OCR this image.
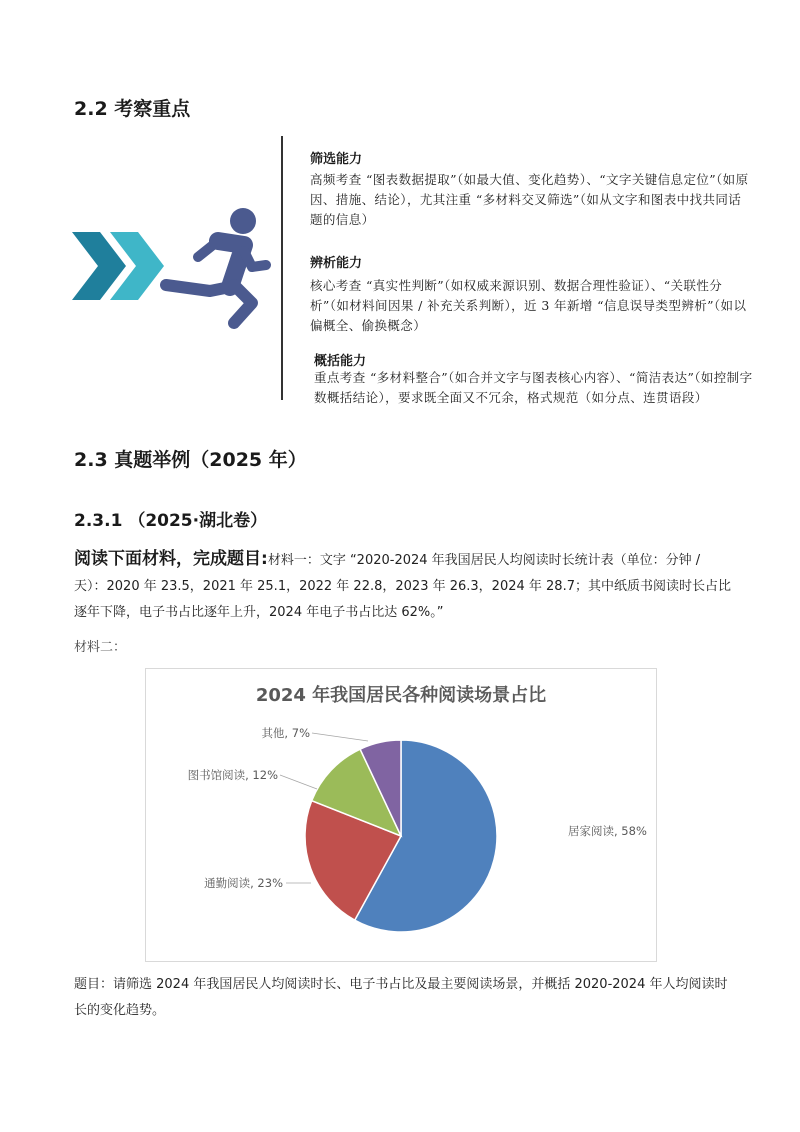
2.2 考察重点
筛选能力
高频考查 “图表数据提取”（如最大值、变化趋势）、“文字关键信息定位”（如原因、措施、结论），尤其注重 “多材料交叉筛选”（如从文字和图表中找共同话题的信息）
辨析能力
核心考查 “真实性判断”（如权威来源识别、数据合理性验证）、“关联性分析”（如材料间因果 / 补充关系判断），近 3 年新增 “信息误导类型辨析”（如以偏概全、偷换概念）
概括能力
重点考查 “多材料整合”（如合并文字与图表核心内容）、“简洁表达”（如控制字数概括结论），要求既全面又不冗余，格式规范（如分点、连贯语段）
2.3 真题举例（2025 年）
2.3.1 （2025·湖北卷）
阅读下面材料，完成题目:材料一：文字 “2020-2024 年我国居民人均阅读时长统计表（单位：分钟 / 天）：2020 年 23.5，2021 年 25.1，2022 年 22.8，2023 年 26.3，2024 年 28.7；其中纸质书阅读时长占比逐年下降，电子书占比逐年上升，2024 年电子书占比达 62%。”
材料二：
2024 年我国居民各种阅读场景占比
居家阅读, 58%
通勤阅读, 23%
图书馆阅读, 12%
其他, 7%
题目：请筛选 2024 年我国居民人均阅读时长、电子书占比及最主要阅读场景，并概括 2020-2024 年人均阅读时长的变化趋势。
